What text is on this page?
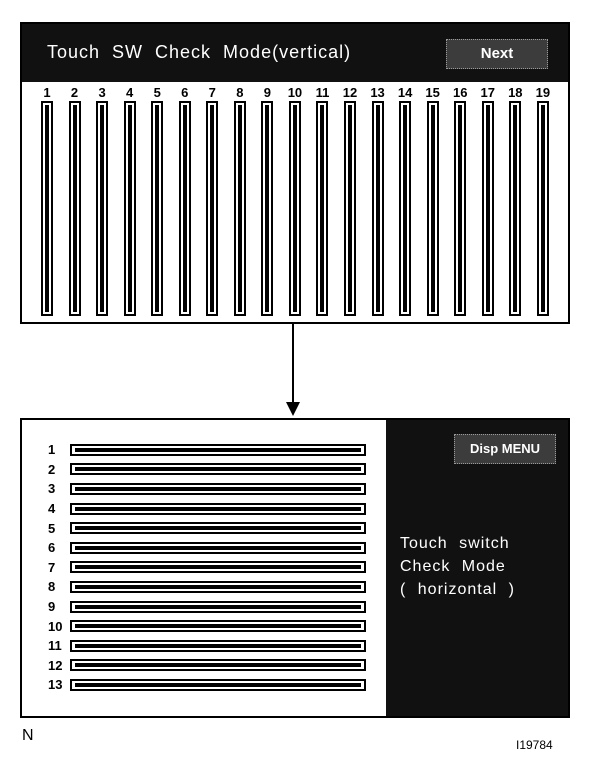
Touch SW Check Mode(vertical)	Next
1 2 3 4 5 6 7 8 9 10 11 12 13 14 15 16 17 18 19
1
2
3
4
5
6
7
8
9
10
11
12
13
Disp MENU
Touch switch
Check Mode
( horizontal )
N
I19784
